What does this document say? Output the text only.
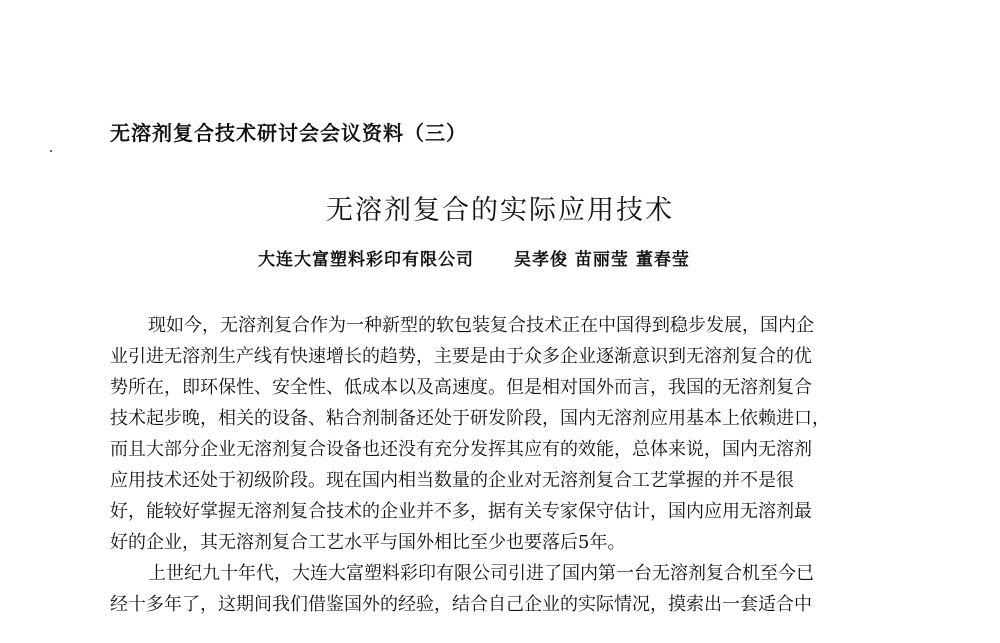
无溶剂复合技术研讨会会议资料（三）
无溶剂复合的实际应用技术
大连大富塑料彩印有限公司 吴孝俊 苗丽莹 董春莹
现如今，无溶剂复合作为一种新型的软包装复合技术正在中国得到稳步发展，国内企
业引进无溶剂生产线有快速增长的趋势，主要是由于众多企业逐渐意识到无溶剂复合的优
势所在，即环保性、安全性、低成本以及高速度。但是相对国外而言，我国的无溶剂复合
技术起步晚，相关的设备、粘合剂制备还处于研发阶段，国内无溶剂应用基本上依赖进口，
而且大部分企业无溶剂复合设备也还没有充分发挥其应有的效能，总体来说，国内无溶剂
应用技术还处于初级阶段。现在国内相当数量的企业对无溶剂复合工艺掌握的并不是很
好，能较好掌握无溶剂复合技术的企业并不多，据有关专家保守估计，国内应用无溶剂最
好的企业，其无溶剂复合工艺水平与国外相比至少也要落后5年。
上世纪九十年代，大连大富塑料彩印有限公司引进了国内第一台无溶剂复合机至今已
经十多年了，这期间我们借鉴国外的经验，结合自己企业的实际情况，摸索出一套适合中
